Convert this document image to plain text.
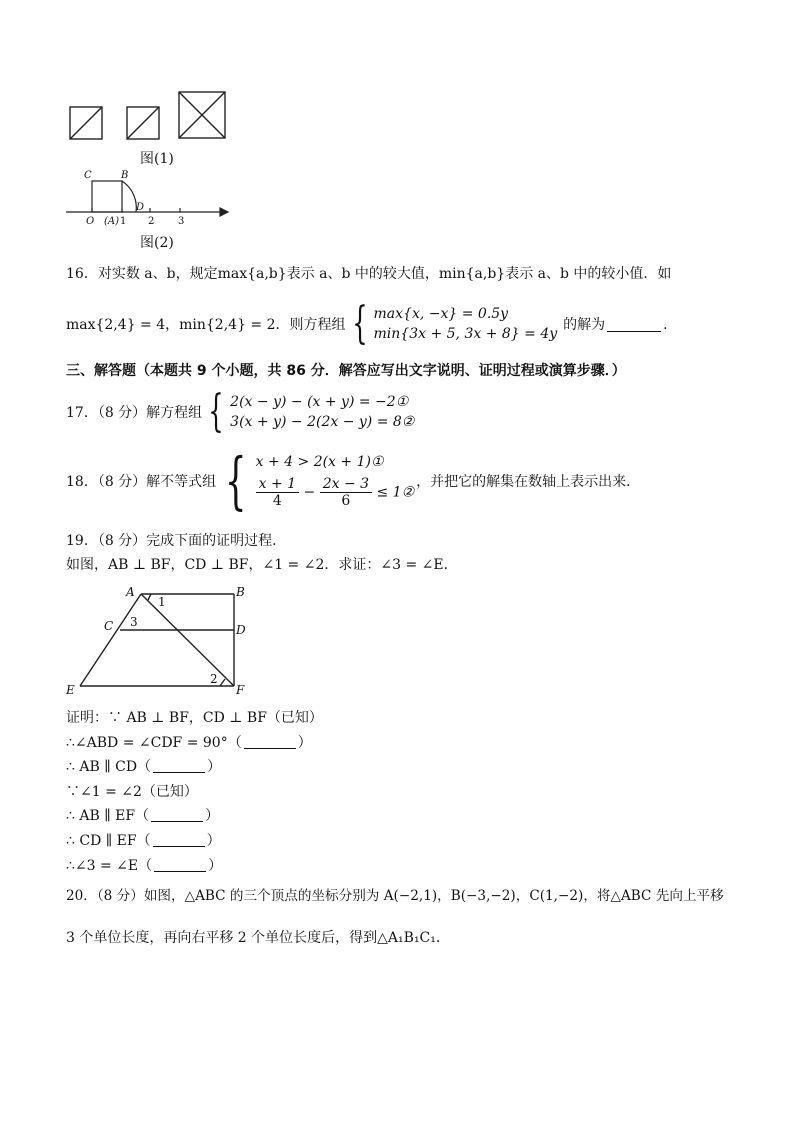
图(1)
C	B
D
O (A) 1 2 3
图(2)
16．对实数 a、b，规定max{a,b}表示 a、b 中的较大值，min{a,b}表示 a、b 中的较小值．如
max{2,4} = 4，min{2,4} = 2．则方程组 { max{x, −x} = 0.5y
min{3x + 5, 3x + 8} = 4y
的解为	．
三、解答题（本题共 9 个小题，共 86 分．解答应写出文字说明、证明过程或演算步骤．）
17．（8 分）解方程组 { 2(x − y) − (x + y) = −2①
3(x + y) − 2(2x − y) = 8②
18．（8 分）解不等式组 { x + 4 > 2(x + 1)①
$\frac{x + 1}{4} - \frac{2x - 3}{6}$ ≤ 1②
，并把它的解集在数轴上表示出来．
19．（8 分）完成下面的证明过程．
如图，AB ⊥ BF，CD ⊥ BF，∠1 = ∠2．求证：∠3 = ∠E．
A	B
C	D
E	F
1
2
3
证明：∵ AB ⊥ BF，CD ⊥ BF（已知）
∴∠ABD = ∠CDF = 90°（	）
∴ AB ∥ CD（	）
∵∠1 = ∠2（已知）
∴ AB ∥ EF（	）
∴ CD ∥ EF（	）
∴∠3 = ∠E（	）
20．（8 分）如图，△ABC 的三个顶点的坐标分别为 A(−2,1)，B(−3,−2)，C(1,−2)，将△ABC 先向上平移
3 个单位长度，再向右平移 2 个单位长度后，得到△A₁B₁C₁．
